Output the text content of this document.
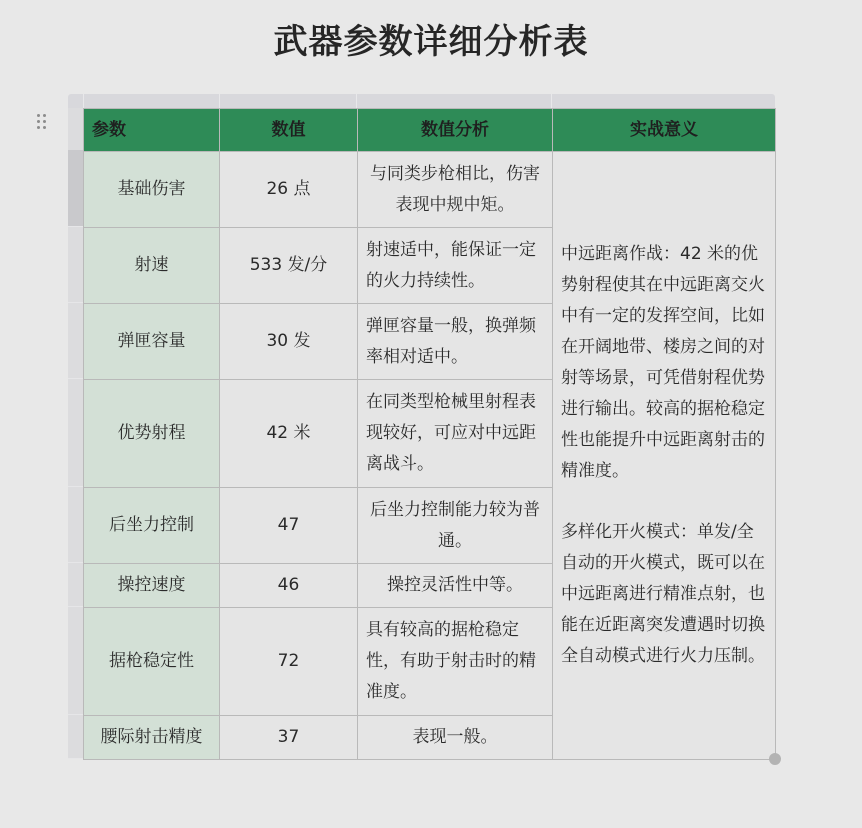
武器参数详细分析表
参数	数值	数值分析	实战意义
基础伤害	26 点	与同类步枪相比，伤害表现中规中矩。	中远距离作战：42 米的优势射程使其在中远距离交火中有一定的发挥空间，比如在开阔地带、楼房之间的对射等场景，可凭借射程优势进行输出。较高的据枪稳定性也能提升中远距离射击的精准度。
多样化开火模式：单发/全自动的开火模式，既可以在中远距离进行精准点射，也能在近距离突发遭遇时切换全自动模式进行火力压制。

射速	533 发/分	射速适中，能保证一定的火力持续性。	
弹匣容量	30 发	弹匣容量一般，换弹频率相对适中。	
优势射程	42 米	在同类型枪械里射程表现较好，可应对中远距离战斗。	
后坐力控制	47	后坐力控制能力较为普通。	
操控速度	46	操控灵活性中等。	
据枪稳定性	72	具有较高的据枪稳定性，有助于射击时的精准度。	
腰际射击精度	37	表现一般。	
